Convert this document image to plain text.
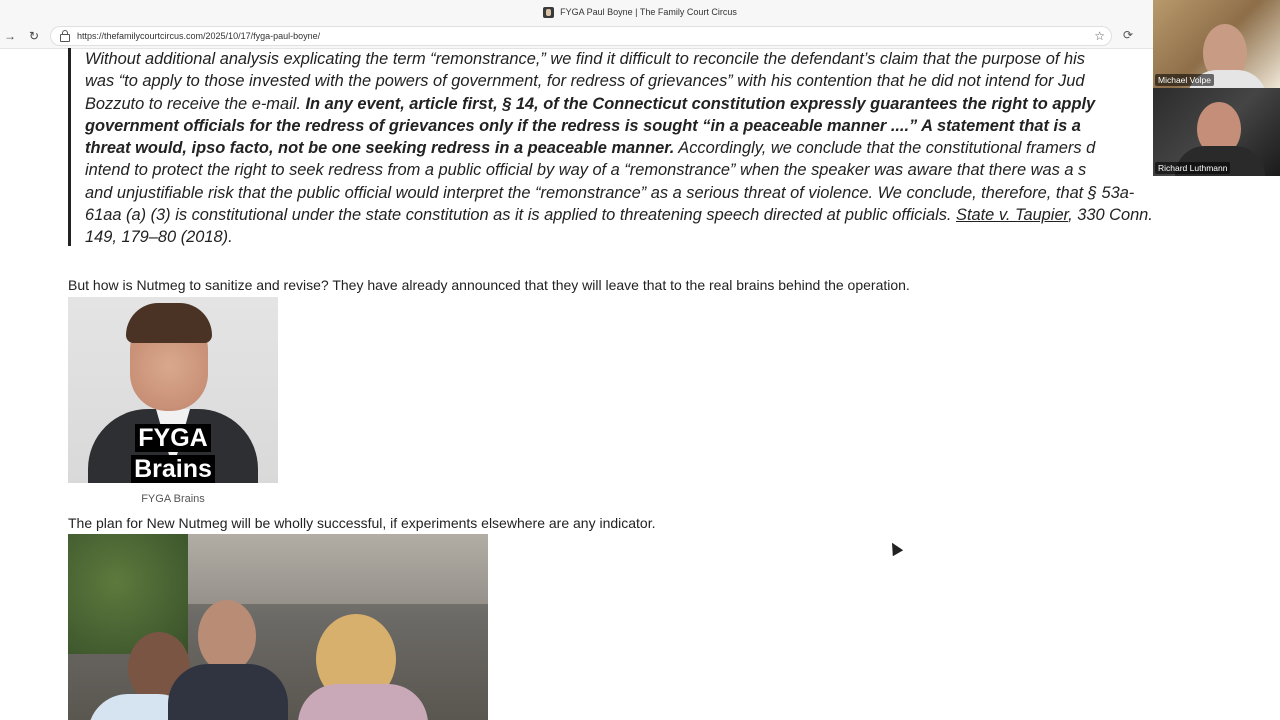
FYGA Paul Boyne | The Family Court Circus
→ ↻	https://thefamilycourtcircus.com/2025/10/17/fyga-paul-boyne/	☆ ⟳

Without additional analysis explicating the term “remonstrance,” we find it difficult to reconcile the defendant’s claim that the purpose of his

was “to apply to those invested with the powers of government, for redress of grievances” with his contention that he did not intend for Jud

Bozzuto to receive the e-mail. In any event, article first, § 14, of the Connecticut constitution expressly guarantees the right to apply

government officials for the redress of grievances only if the redress is sought “in a peaceable manner ....” A statement that is a

threat would, ipso facto, not be one seeking redress in a peaceable manner. Accordingly, we conclude that the constitutional framers d

intend to protect the right to seek redress from a public official by way of a “remonstrance” when the speaker was aware that there was a s

and unjustifiable risk that the public official would interpret the “remonstrance” as a serious threat of violence. We conclude, therefore, that § 53a-

61aa (a) (3) is constitutional under the state constitution as it is applied to threatening speech directed at public officials. State v. Taupier, 330 Conn.

149, 179–80 (2018).

But how is Nutmeg to sanitize and revise? They have already announced that they will leave that to the real brains behind the operation.
FYGA
Brains
FYGA Brains
The plan for New Nutmeg will be wholly successful, if experiments elsewhere are any indicator.
Michael Volpe
Richard Luthmann
